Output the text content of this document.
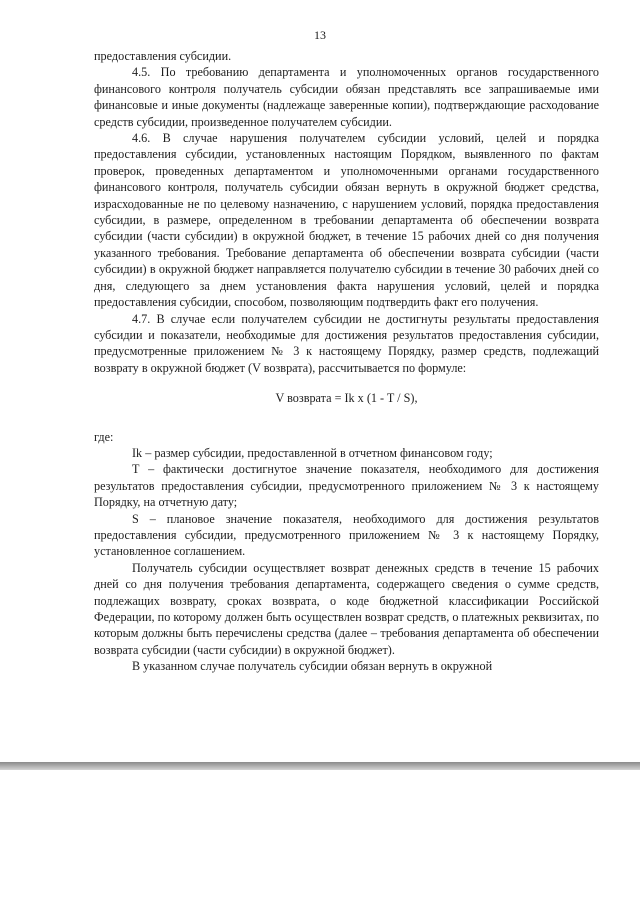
13

предоставления субсидии.

4.5. По требованию департамента и уполномоченных органов государственного финансового контроля получатель субсидии обязан представлять все запрашиваемые ими финансовые и иные документы (надлежаще заверенные копии), подтверждающие расходование средств субсидии, произведенное получателем субсидии.

4.6. В случае нарушения получателем субсидии условий, целей и порядка предоставления субсидии, установленных настоящим Порядком, выявленного по фактам проверок, проведенных департаментом и уполномоченными органами государственного финансового контроля, получатель субсидии обязан вернуть в окружной бюджет средства, израсходованные не по целевому назначению, с нарушением условий, порядка предоставления субсидии, в размере, определенном в требовании департамента об обеспечении возврата субсидии (части субсидии) в окружной бюджет, в течение 15 рабочих дней со дня получения указанного требования. Требование департамента об обеспечении возврата субсидии (части субсидии) в окружной бюджет направляется получателю субсидии в течение 30 рабочих дней со дня, следующего за днем установления факта нарушения условий, целей и порядка предоставления субсидии, способом, позволяющим подтвердить факт его получения.

4.7. В случае если получателем субсидии не достигнуты результаты предоставления субсидии и показатели, необходимые для достижения результатов предоставления субсидии, предусмотренные приложением № 3 к настоящему Порядку, размер средств, подлежащий возврату в окружной бюджет (V возврата), рассчитывается по формуле:

V возврата = Ik x (1 - T / S),

где:

Ik – размер субсидии, предоставленной в отчетном финансовом году;

T – фактически достигнутое значение показателя, необходимого для достижения результатов предоставления субсидии, предусмотренного приложением № 3 к настоящему Порядку, на отчетную дату;

S – плановое значение показателя, необходимого для достижения результатов предоставления субсидии, предусмотренного приложением № 3 к настоящему Порядку, установленное соглашением.

Получатель субсидии осуществляет возврат денежных средств в течение 15 рабочих дней со дня получения требования департамента, содержащего сведения о сумме средств, подлежащих возврату, сроках возврата, о коде бюджетной классификации Российской Федерации, по которому должен быть осуществлен возврат средств, о платежных реквизитах, по которым должны быть перечислены средства (далее – требования департамента об обеспечении возврата субсидии (части субсидии) в окружной бюджет).

В указанном случае получатель субсидии обязан вернуть в окружной
